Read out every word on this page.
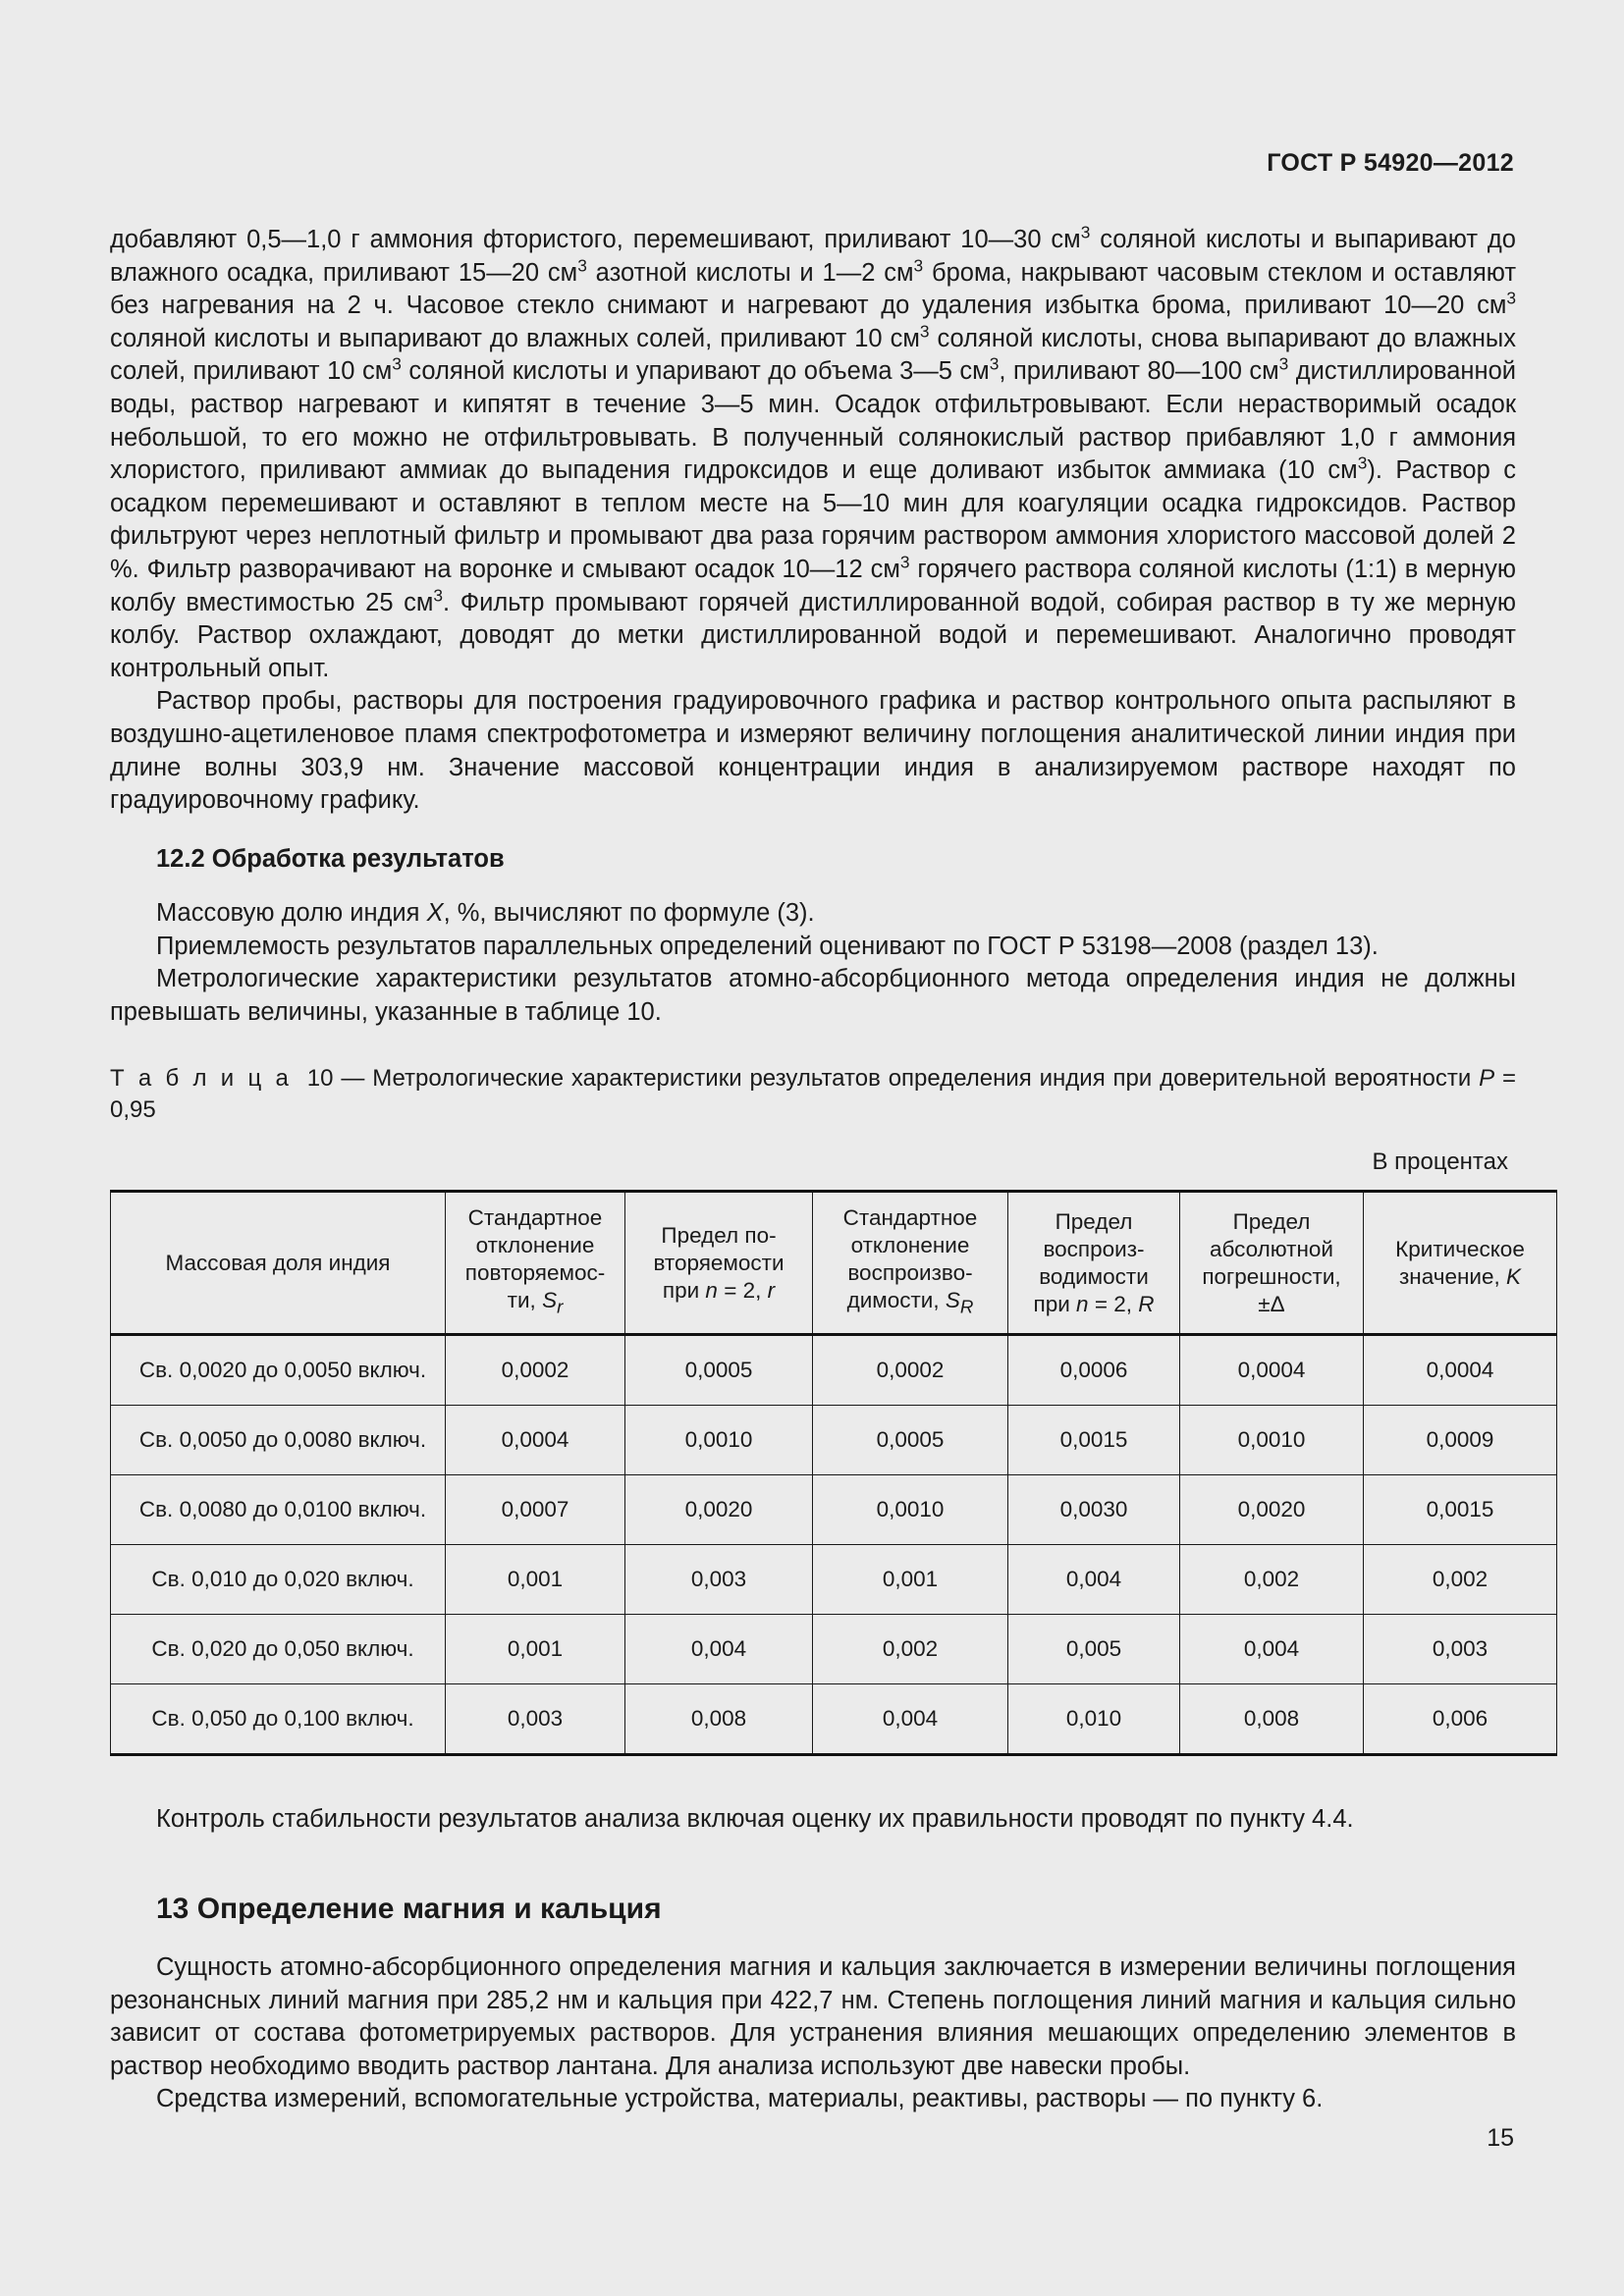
ГОСТ Р 54920—2012

добавляют 0,5—1,0 г аммония фтористого, перемешивают, приливают 10—30 $см^3$ соляной кислоты и выпаривают до влажного осадка, приливают 15—20 $см^3$ азотной кислоты и 1—2 $см^3$ брома, накрывают часовым стеклом и оставляют без нагревания на 2 ч. Часовое стекло снимают и нагревают до удаления избытка брома, приливают 10—20 $см^3$ соляной кислоты и выпаривают до влажных солей, приливают 10 $см^3$ соляной кислоты, снова выпаривают до влажных солей, приливают 10 $см^3$ соляной кислоты и упаривают до объема 3—5 $см^3$, приливают 80—100 $см^3$ дистиллированной воды, раствор нагревают и кипятят в течение 3—5 мин. Осадок отфильтровывают. Если нерастворимый осадок небольшой, то его можно не отфильтровывать. В полученный солянокислый раствор прибавляют 1,0 г аммония хлористого, приливают аммиак до выпадения гидроксидов и еще доливают избыток аммиака (10 $см^3$). Раствор с осадком перемешивают и оставляют в теплом месте на 5—10 мин для коагуляции осадка гидроксидов. Раствор фильтруют через неплотный фильтр и промывают два раза горячим раствором аммония хлористого массовой долей 2 %. Фильтр разворачивают на воронке и смывают осадок 10—12 $см^3$ горячего раствора соляной кислоты (1:1) в мерную колбу вместимостью 25 $см^3$. Фильтр промывают горячей дистиллированной водой, собирая раствор в ту же мерную колбу. Раствор охлаждают, доводят до метки дистиллированной водой и перемешивают. Аналогично проводят контрольный опыт.

Раствор пробы, растворы для построения градуировочного графика и раствор контрольного опыта распыляют в воздушно-ацетиленовое пламя спектрофотометра и измеряют величину поглощения аналитической линии индия при длине волны 303,9 нм. Значение массовой концентрации индия в анализируемом растворе находят по градуировочному графику.

12.2 Обработка результатов

Массовую долю индия X, %, вычисляют по формуле (3).

Приемлемость результатов параллельных определений оценивают по ГОСТ Р 53198—2008 (раздел 13).

Метрологические характеристики результатов атомно-абсорбционного метода определения индия не должны превышать величины, указанные в таблице 10.

Т а б л и ц а 10 — Метрологические характеристики результатов определения индия при доверительной вероятности P = 0,95
В процентах
Массовая доля индия	Стандартное
отклонение
повторяемос-
ти, $S_r$	Предел по-
вторяемости
при n = 2, r	Стандартное
отклонение
воспроизво-
димости, $S_R$	Предел
воспроиз-
водимости
при n = 2, R	Предел
абсолютной
погрешности,
±Δ	Критическое
значение, K
Св. 0,0020 до 0,0050 включ.	0,0002	0,0005	0,0002	0,0006	0,0004	0,0004
Св. 0,0050 до 0,0080 включ.	0,0004	0,0010	0,0005	0,0015	0,0010	0,0009
Св. 0,0080 до 0,0100 включ.	0,0007	0,0020	0,0010	0,0030	0,0020	0,0015
Св. 0,010 до 0,020 включ.	0,001	0,003	0,001	0,004	0,002	0,002
Св. 0,020 до 0,050 включ.	0,001	0,004	0,002	0,005	0,004	0,003
Св. 0,050 до 0,100 включ.	0,003	0,008	0,004	0,010	0,008	0,006

Контроль стабильности результатов анализа включая оценку их правильности проводят по пункту 4.4.

13 Определение магния и кальция

Сущность атомно-абсорбционного определения магния и кальция заключается в измерении величины поглощения резонансных линий магния при 285,2 нм и кальция при 422,7 нм. Степень поглощения линий магния и кальция сильно зависит от состава фотометрируемых растворов. Для устранения влияния мешающих определению элементов в раствор необходимо вводить раствор лантана. Для анализа используют две навески пробы.

Средства измерений, вспомогательные устройства, материалы, реактивы, растворы — по пункту 6.

15
